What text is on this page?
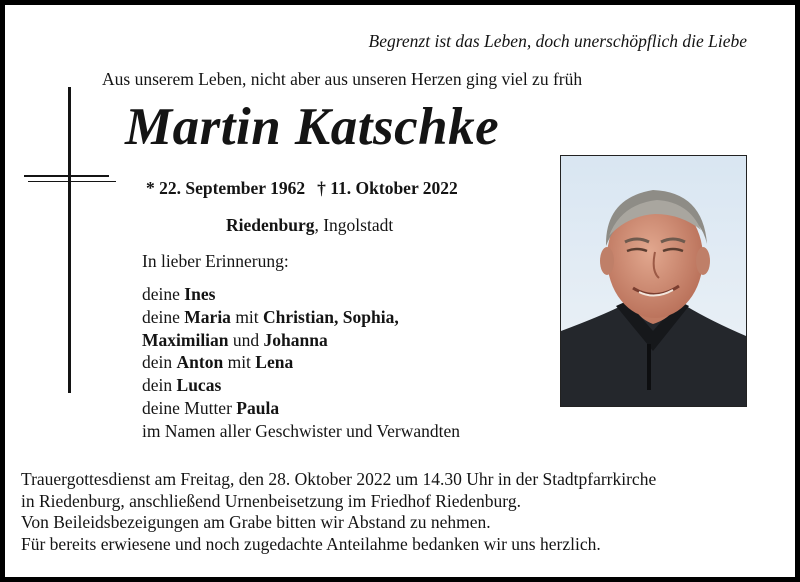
Begrenzt ist das Leben, doch unerschöpflich die Liebe
Aus unserem Leben, nicht aber aus unseren Herzen ging viel zu früh
Martin Katschke
* 22. September 1962 † 11. Oktober 2022
Riedenburg, Ingolstadt
In lieber Erinnerung:
deine Ines
deine Maria mit Christian, Sophia,
Maximilian und Johanna
dein Anton mit Lena
dein Lucas
deine Mutter Paula
im Namen aller Geschwister und Verwandten
Trauergottesdienst am Freitag, den 28. Oktober 2022 um 14.30 Uhr in der Stadtpfarrkirche
in Riedenburg, anschließend Urnenbeisetzung im Friedhof Riedenburg.
Von Beileidsbezeigungen am Grabe bitten wir Abstand zu nehmen.
Für bereits erwiesene und noch zugedachte Anteilahme bedanken wir uns herzlich.
